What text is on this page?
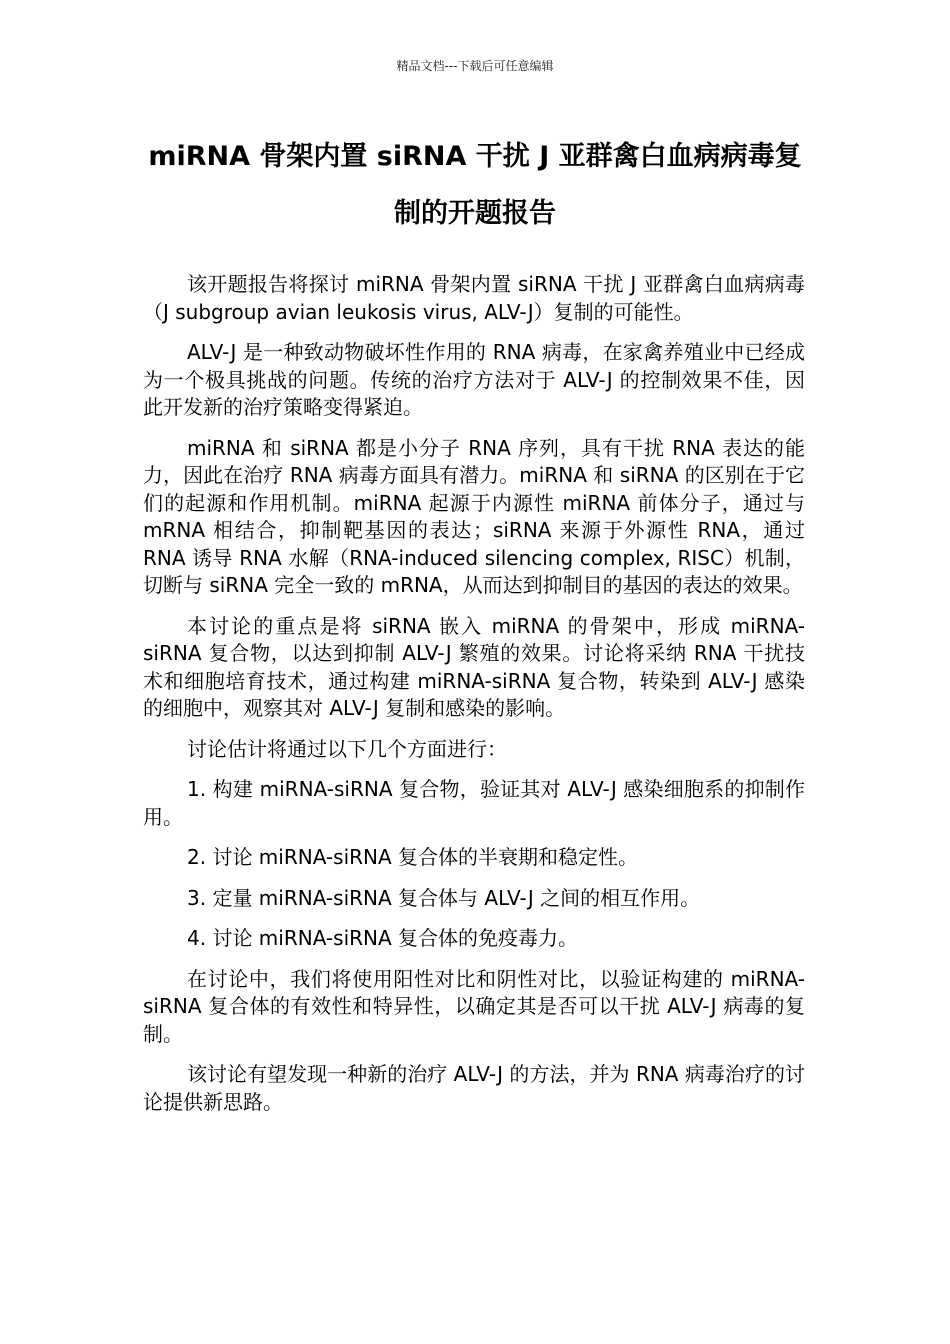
精品文档---下载后可任意编辑
miRNA 骨架内置 siRNA 干扰 J 亚群禽白血病病毒复制的开题报告

该开题报告将探讨 miRNA 骨架内置 siRNA 干扰 J 亚群禽白血病病毒（J subgroup avian leukosis virus, ALV-J）复制的可能性。

ALV-J 是一种致动物破坏性作用的 RNA 病毒，在家禽养殖业中已经成为一个极具挑战的问题。传统的治疗方法对于 ALV-J 的控制效果不佳，因此开发新的治疗策略变得紧迫。

miRNA 和 siRNA 都是小分子 RNA 序列，具有干扰 RNA 表达的能力，因此在治疗 RNA 病毒方面具有潜力。miRNA 和 siRNA 的区别在于它们的起源和作用机制。miRNA 起源于内源性 miRNA 前体分子，通过与 mRNA 相结合，抑制靶基因的表达；siRNA 来源于外源性 RNA，通过 RNA 诱导 RNA 水解（RNA-induced silencing complex, RISC）机制，切断与 siRNA 完全一致的 mRNA，从而达到抑制目的基因的表达的效果。

本讨论的重点是将 siRNA 嵌入 miRNA 的骨架中，形成 miRNA-siRNA 复合物，以达到抑制 ALV-J 繁殖的效果。讨论将采纳 RNA 干扰技术和细胞培育技术，通过构建 miRNA-siRNA 复合物，转染到 ALV-J 感染的细胞中，观察其对 ALV-J 复制和感染的影响。

讨论估计将通过以下几个方面进行：

1. 构建 miRNA-siRNA 复合物，验证其对 ALV-J 感染细胞系的抑制作用。

2. 讨论 miRNA-siRNA 复合体的半衰期和稳定性。

3. 定量 miRNA-siRNA 复合体与 ALV-J 之间的相互作用。

4. 讨论 miRNA-siRNA 复合体的免疫毒力。

在讨论中，我们将使用阳性对比和阴性对比，以验证构建的 miRNA-siRNA 复合体的有效性和特异性，以确定其是否可以干扰 ALV-J 病毒的复制。

该讨论有望发现一种新的治疗 ALV-J 的方法，并为 RNA 病毒治疗的讨论提供新思路。
